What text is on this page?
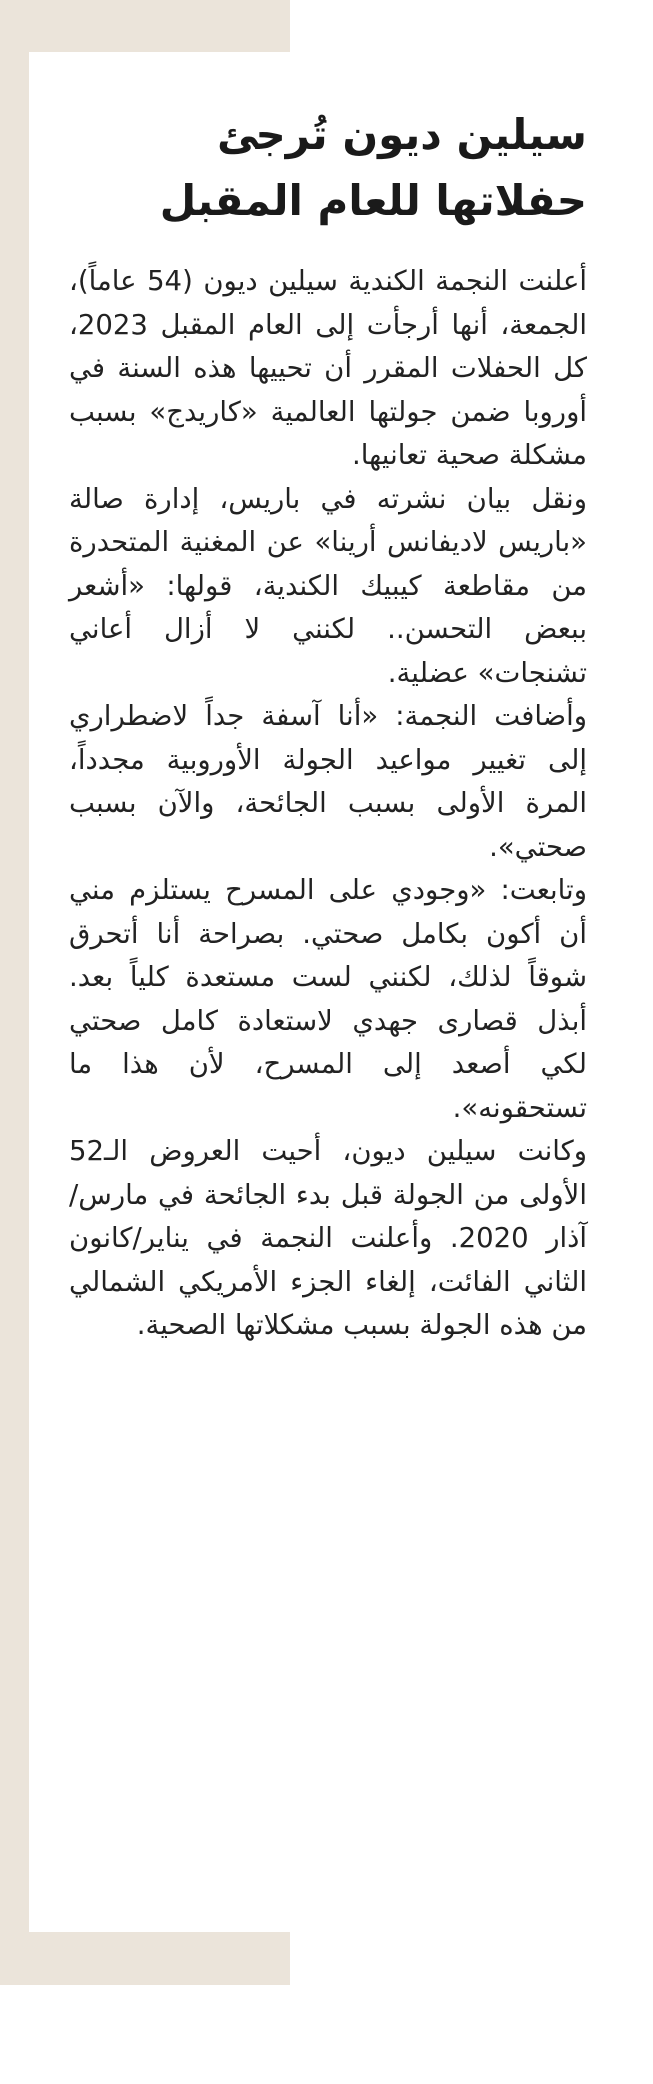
سيلين ديون تُرجئ
حفلاتها للعام المقبل

أعلنت النجمة الكندية سيلين ديون (54 عاماً)، الجمعة، أنها أرجأت إلى العام المقبل 2023، كل الحفلات المقرر أن تحييها هذه السنة في أوروبا ضمن جولتها العالمية «كاريدج» بسبب مشكلة صحية تعانيها.

ونقل بيان نشرته في باريس، إدارة صالة «باريس لاديفانس أرينا» عن المغنية المتحدرة من مقاطعة كيبيك الكندية، قولها: «أشعر ببعض التحسن.. لكنني لا أزال أعاني تشنجات» عضلية.

وأضافت النجمة: «أنا آسفة جداً لاضطراري إلى تغيير مواعيد الجولة الأوروبية مجدداً، المرة الأولى بسبب الجائحة، والآن بسبب صحتي».

وتابعت: «وجودي على المسرح يستلزم مني أن أكون بكامل صحتي. بصراحة أنا أتحرق شوقاً لذلك، لكنني لست مستعدة كلياً بعد. أبذل قصارى جهدي لاستعادة كامل صحتي لكي أصعد إلى المسرح، لأن هذا ما تستحقونه».

وكانت سيلين ديون، أحيت العروض الـ52 الأولى من الجولة قبل بدء الجائحة في مارس/آذار 2020. وأعلنت النجمة في يناير/كانون الثاني الفائت، إلغاء الجزء الأمريكي الشمالي من هذه الجولة بسبب مشكلاتها الصحية.
